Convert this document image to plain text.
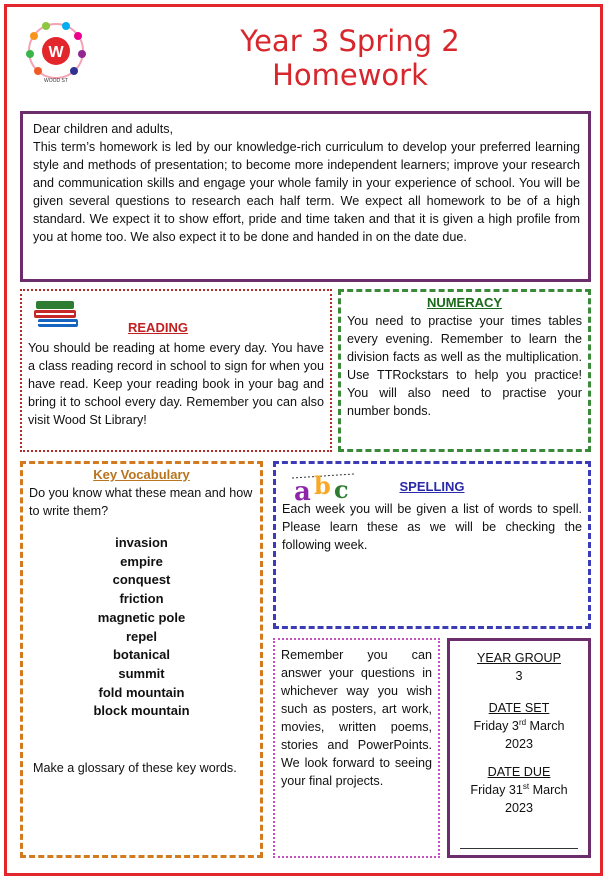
W
WOOD ST
Year 3 Spring 2
Homework

Dear children and adults,

This term’s homework is led by our knowledge-rich curriculum to develop your preferred learning style and methods of presentation; to become more independent learners; improve your research and communication skills and engage your whole family in your experience of school. You will be given several questions to research each half term. We expect all homework to be of a high standard. We expect it to show effort, pride and time taken and that it is given a high profile from you at home too. We also expect it to be done and handed in on the date due.

READING
You should be reading at home every day. You have a class reading record in school to sign for when you have read. Keep your reading book in your bag and bring it to school every day. Remember you can also visit Wood St Library!
NUMERACY
You need to practise your times tables every evening. Remember to learn the division facts as well as the multiplication. Use TTRockstars to help you practice! You will also need to practise your number bonds.
Key Vocabulary
Do you know what these mean and how to write them?
invasion
empire
conquest
friction
magnetic pole
repel
botanical
summit
fold mountain
block mountain
Make a glossary of these key words.
a b c	SPELLING
Each week you will be given a list of words to spell. Please learn these as we will be checking the following week.
Remember you can answer your questions in whichever way you wish such as posters, art work, movies, written poems, stories and PowerPoints. We look forward to seeing your final projects.
YEAR GROUP
3
DATE SET
Friday 3rd March
2023
DATE DUE
Friday 31st March
2023
